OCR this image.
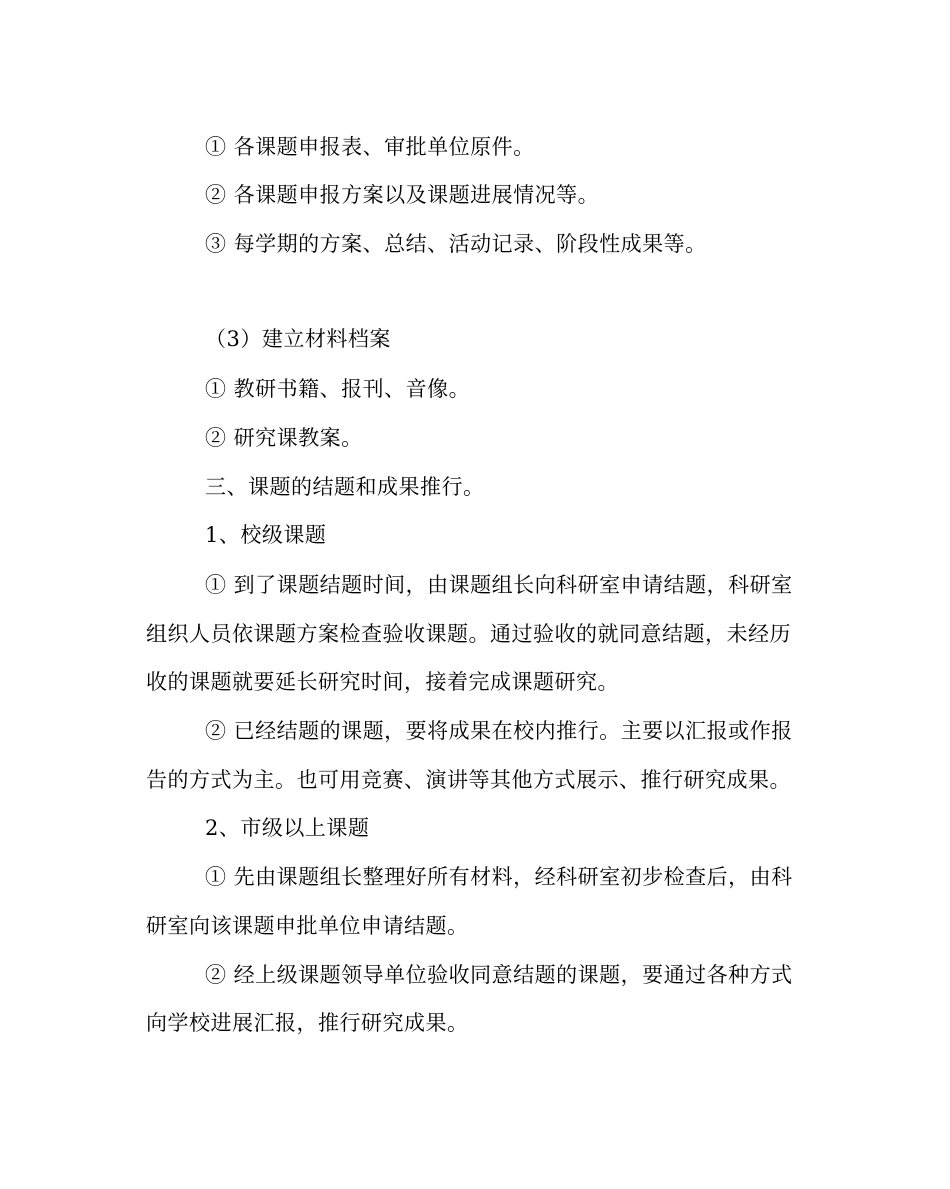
① 各课题申报表、审批单位原件。
② 各课题申报方案以及课题进展情况等。
③ 每学期的方案、总结、活动记录、阶段性成果等。
（3）建立材料档案
① 教研书籍、报刊、音像。
② 研究课教案。
三、课题的结题和成果推行。
1、校级课题
① 到了课题结题时间，由课题组长向科研室申请结题，科研室
组织人员依课题方案检查验收课题。通过验收的就同意结题，未经历
收的课题就要延长研究时间，接着完成课题研究。
② 已经结题的课题，要将成果在校内推行。主要以汇报或作报
告的方式为主。也可用竞赛、演讲等其他方式展示、推行研究成果。
2、市级以上课题
① 先由课题组长整理好所有材料，经科研室初步检查后，由科
研室向该课题申批单位申请结题。
② 经上级课题领导单位验收同意结题的课题，要通过各种方式
向学校进展汇报，推行研究成果。
